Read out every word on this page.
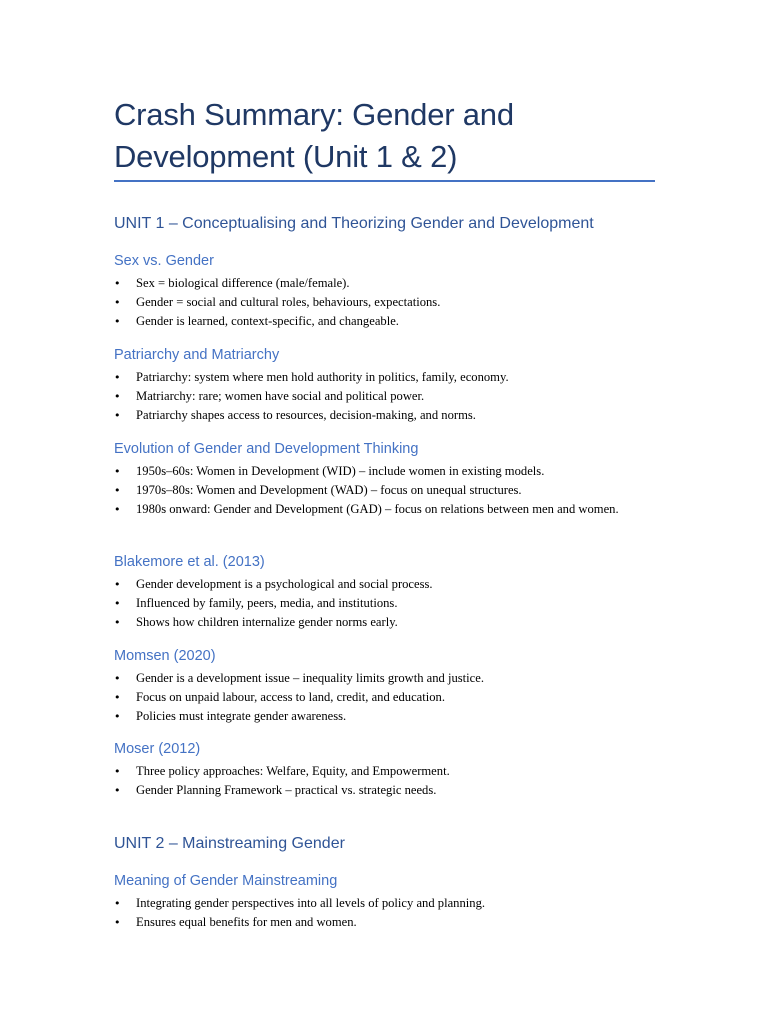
Crash Summary: Gender and Development (Unit 1 & 2)
UNIT 1 – Conceptualising and Theorizing Gender and Development
Sex vs. Gender
• Sex = biological difference (male/female).
• Gender = social and cultural roles, behaviours, expectations.
• Gender is learned, context-specific, and changeable.
Patriarchy and Matriarchy
• Patriarchy: system where men hold authority in politics, family, economy.
• Matriarchy: rare; women have social and political power.
• Patriarchy shapes access to resources, decision-making, and norms.
Evolution of Gender and Development Thinking
• 1950s–60s: Women in Development (WID) – include women in existing models.
• 1970s–80s: Women and Development (WAD) – focus on unequal structures.
• 1980s onward: Gender and Development (GAD) – focus on relations between men and women.
Blakemore et al. (2013)
• Gender development is a psychological and social process.
• Influenced by family, peers, media, and institutions.
• Shows how children internalize gender norms early.
Momsen (2020)
• Gender is a development issue – inequality limits growth and justice.
• Focus on unpaid labour, access to land, credit, and education.
• Policies must integrate gender awareness.
Moser (2012)
• Three policy approaches: Welfare, Equity, and Empowerment.
• Gender Planning Framework – practical vs. strategic needs.
UNIT 2 – Mainstreaming Gender
Meaning of Gender Mainstreaming
• Integrating gender perspectives into all levels of policy and planning.
• Ensures equal benefits for men and women.
